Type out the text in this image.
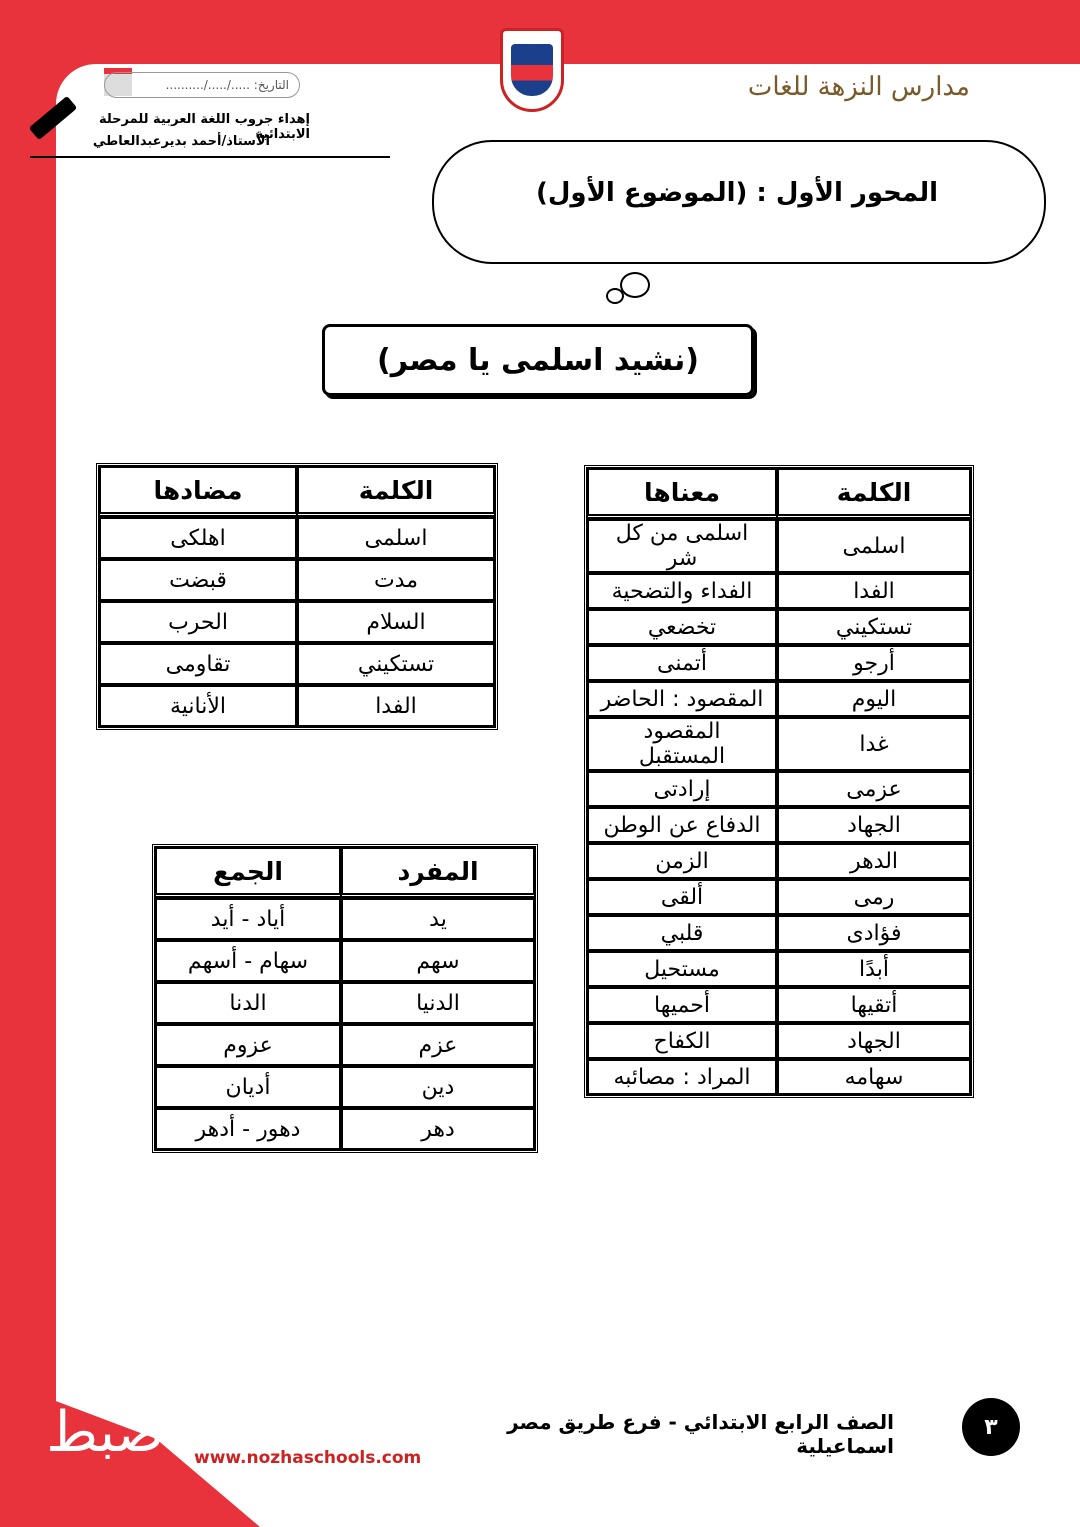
مدارس النزهة للغات
التاريخ: ...../...../..........
إهداء جروب اللغة العربية للمرحلة الابتدائية
الأستاذ/أحمد بديرعبدالعاطي
المحور الأول : (الموضوع الأول)
(نشيد اسلمى يا مصر)
الكلمة	معناها
اسلمى	اسلمى من كل شر
الفدا	الفداء والتضحية
تستكيني	تخضعي
أرجو	أتمنى
اليوم	المقصود : الحاضر
غدا	المقصود المستقبل
عزمى	إرادتى
الجهاد	الدفاع عن الوطن
الدهر	الزمن
رمى	ألقى
فؤادى	قلبي
أبدًا	مستحيل
أتقيها	أحميها
الجهاد	الكفاح
سهامه	المراد : مصائبه
الكلمة	مضادها
اسلمى	اهلكى
مدت	قبضت
السلام	الحرب
تستكيني	تقاومى
الفدا	الأنانية
المفرد	الجمع
يد	أياد - أيد
سهم	سهام - أسهم
الدنيا	الدنا
عزم	عزوم
دين	أديان
دهر	دهور - أدهر
٣
الصف الرابع الابتدائي - فرع طريق مصر اسماعيلية
www.nozhaschools.com
ضبط
